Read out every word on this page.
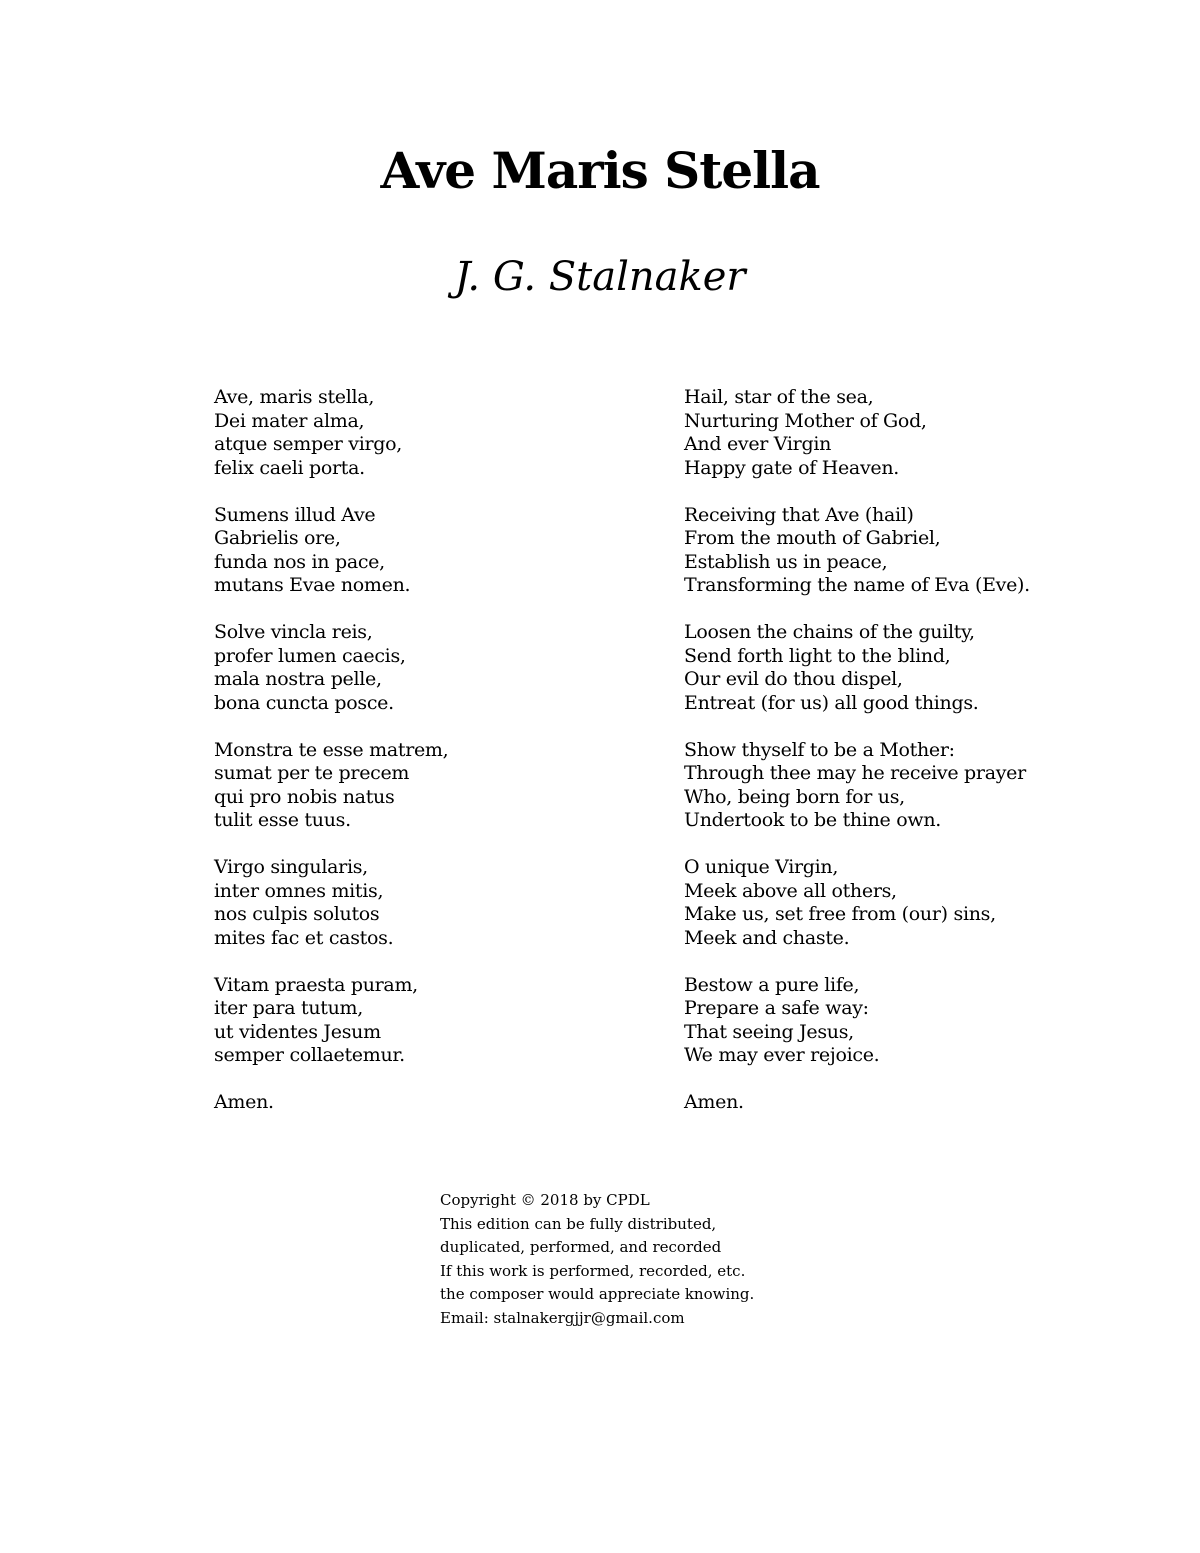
Ave Maris Stella
J. G. Stalnaker
Ave, maris stella,
Dei mater alma,
atque semper virgo,
felix caeli porta.
Sumens illud Ave
Gabrielis ore,
funda nos in pace,
mutans Evae nomen.
Solve vincla reis,
profer lumen caecis,
mala nostra pelle,
bona cuncta posce.
Monstra te esse matrem,
sumat per te precem
qui pro nobis natus
tulit esse tuus.
Virgo singularis,
inter omnes mitis,
nos culpis solutos
mites fac et castos.
Vitam praesta puram,
iter para tutum,
ut videntes Jesum
semper collaetemur.
Amen.
Hail, star of the sea,
Nurturing Mother of God,
And ever Virgin
Happy gate of Heaven.
Receiving that Ave (hail)
From the mouth of Gabriel,
Establish us in peace,
Transforming the name of Eva (Eve).
Loosen the chains of the guilty,
Send forth light to the blind,
Our evil do thou dispel,
Entreat (for us) all good things.
Show thyself to be a Mother:
Through thee may he receive prayer
Who, being born for us,
Undertook to be thine own.
O unique Virgin,
Meek above all others,
Make us, set free from (our) sins,
Meek and chaste.
Bestow a pure life,
Prepare a safe way:
That seeing Jesus,
We may ever rejoice.
Amen.
Copyright © 2018 by CPDL
This edition can be fully distributed,
duplicated, performed, and recorded
If this work is performed, recorded, etc.
the composer would appreciate knowing.
Email: stalnakergjjr@gmail.com
